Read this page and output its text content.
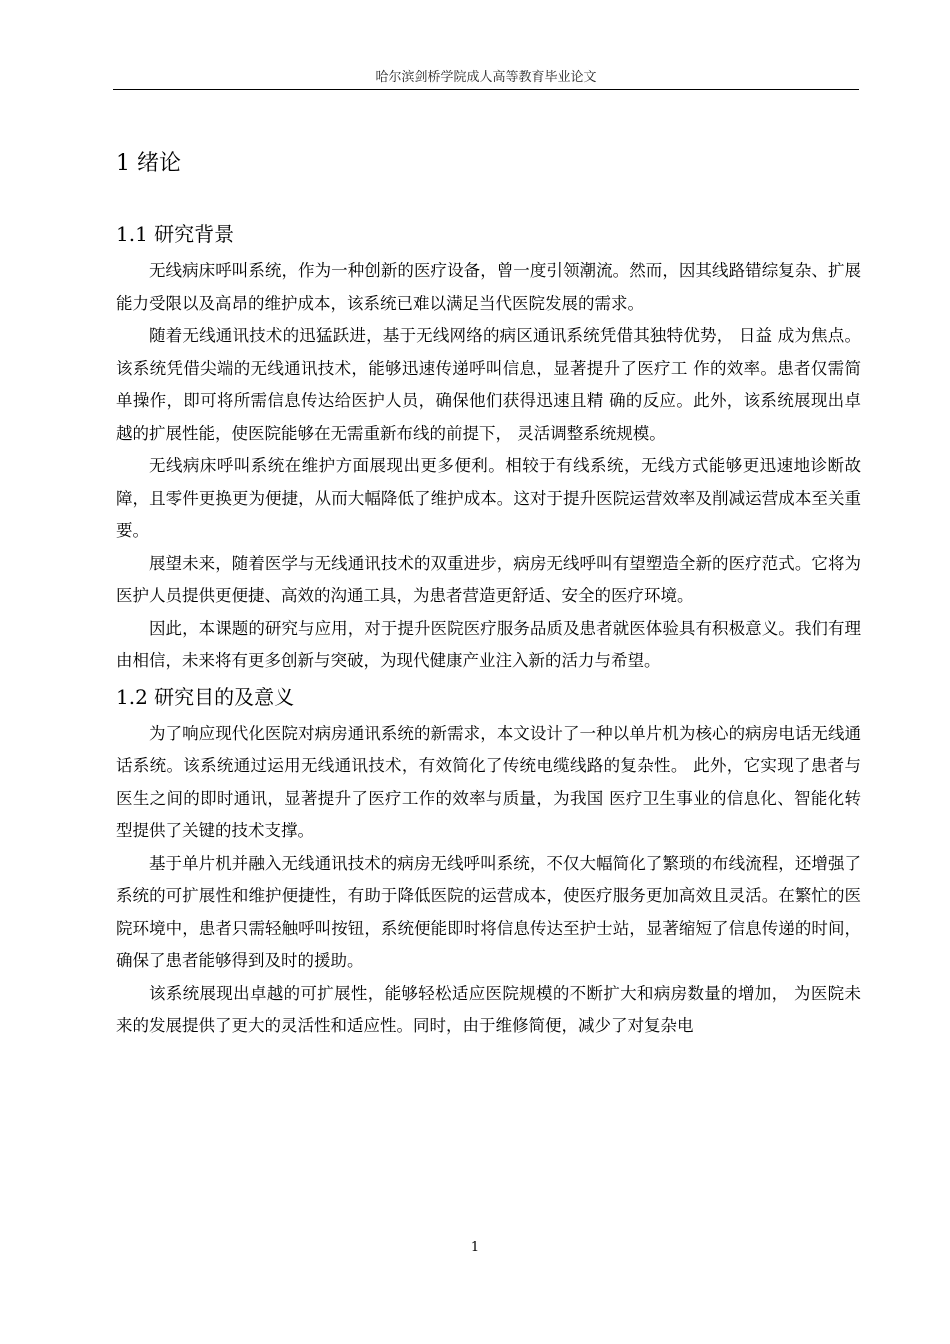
哈尔滨剑桥学院成人高等教育毕业论文
1 绪论
1.1 研究背景

无线病床呼叫系统，作为一种创新的医疗设备，曾一度引领潮流。然而，因其线路错综复杂、扩展能力受限以及高昂的维护成本，该系统已难以满足当代医院发展的需求。

随着无线通讯技术的迅猛跃进，基于无线网络的病区通讯系统凭借其独特优势， 日益 成为焦点。该系统凭借尖端的无线通讯技术，能够迅速传递呼叫信息，显著提升了医疗工 作的效率。患者仅需简单操作，即可将所需信息传达给医护人员，确保他们获得迅速且精 确的反应。此外，该系统展现出卓越的扩展性能，使医院能够在无需重新布线的前提下， 灵活调整系统规模。

无线病床呼叫系统在维护方面展现出更多便利。相较于有线系统，无线方式能够更迅速地诊断故障，且零件更换更为便捷，从而大幅降低了维护成本。这对于提升医院运营效率及削减运营成本至关重要。

展望未来，随着医学与无线通讯技术的双重进步，病房无线呼叫有望塑造全新的医疗范式。它将为医护人员提供更便捷、高效的沟通工具，为患者营造更舒适、安全的医疗环境。

因此，本课题的研究与应用，对于提升医院医疗服务品质及患者就医体验具有积极意义。我们有理由相信，未来将有更多创新与突破，为现代健康产业注入新的活力与希望。

1.2 研究目的及意义

为了响应现代化医院对病房通讯系统的新需求，本文设计了一种以单片机为核心的病房电话无线通话系统。该系统通过运用无线通讯技术，有效简化了传统电缆线路的复杂性。 此外，它实现了患者与医生之间的即时通讯，显著提升了医疗工作的效率与质量，为我国 医疗卫生事业的信息化、智能化转型提供了关键的技术支撑。

基于单片机并融入无线通讯技术的病房无线呼叫系统，不仅大幅简化了繁琐的布线流程，还增强了系统的可扩展性和维护便捷性，有助于降低医院的运营成本，使医疗服务更加高效且灵活。在繁忙的医院环境中，患者只需轻触呼叫按钮，系统便能即时将信息传达至护士站，显著缩短了信息传递的时间，确保了患者能够得到及时的援助。

该系统展现出卓越的可扩展性，能够轻松适应医院规模的不断扩大和病房数量的增加， 为医院未来的发展提供了更大的灵活性和适应性。同时，由于维修简便，减少了对复杂电

1
